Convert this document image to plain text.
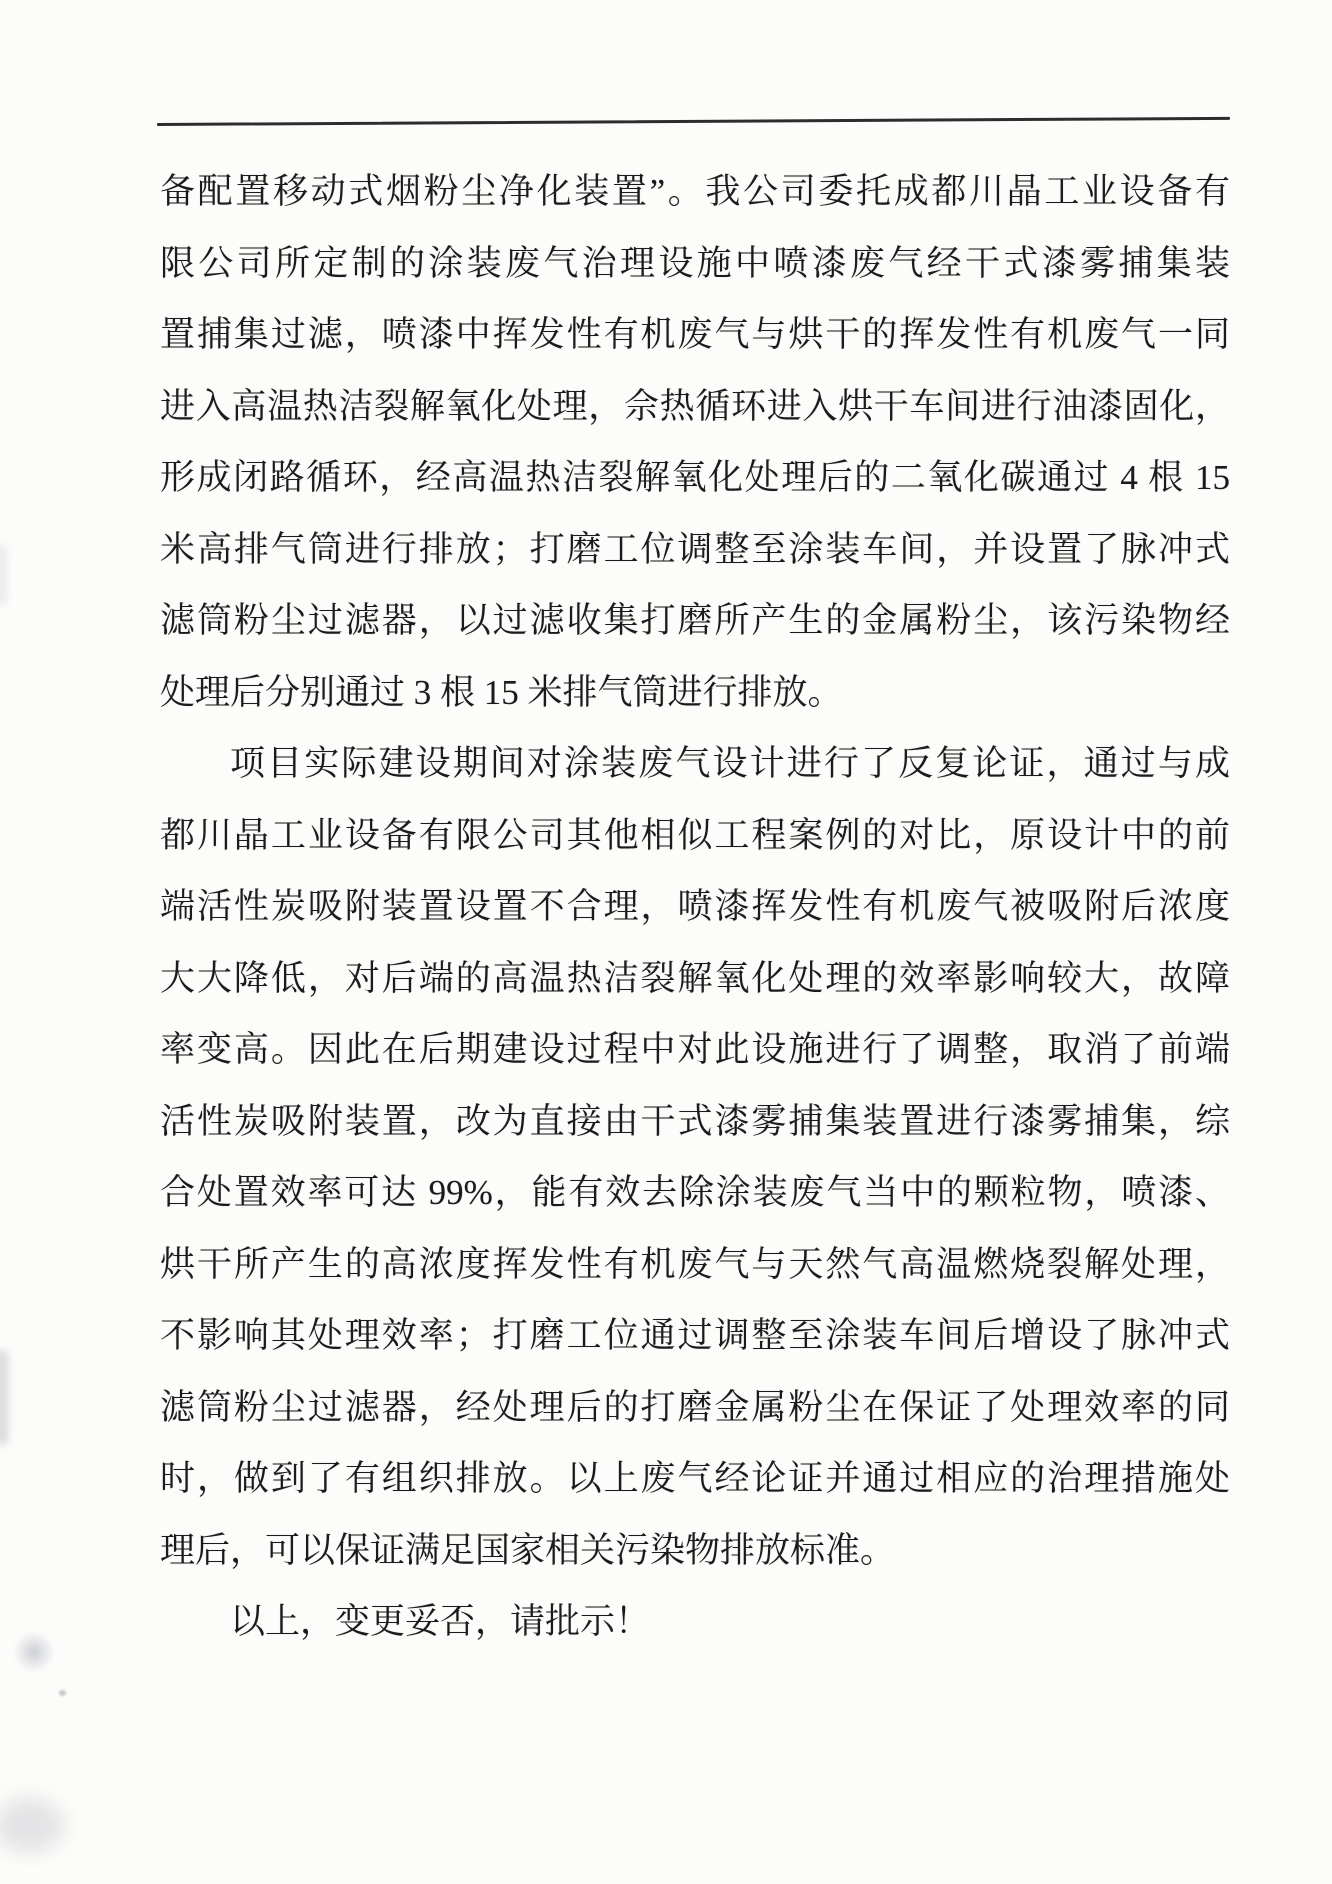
备配置移动式烟粉尘净化装置”。我公司委托成都川晶工业设备有
限公司所定制的涂装废气治理设施中喷漆废气经干式漆雾捕集装
置捕集过滤，喷漆中挥发性有机废气与烘干的挥发性有机废气一同
进入高温热洁裂解氧化处理，佘热循环进入烘干车间进行油漆固化，
形成闭路循环，经高温热洁裂解氧化处理后的二氧化碳通过 4 根 15
米高排气筒进行排放；打磨工位调整至涂装车间，并设置了脉冲式
滤筒粉尘过滤器，以过滤收集打磨所产生的金属粉尘，该污染物经
处理后分别通过 3 根 15 米排气筒进行排放。
项目实际建设期间对涂装废气设计进行了反复论证，通过与成
都川晶工业设备有限公司其他相似工程案例的对比，原设计中的前
端活性炭吸附装置设置不合理，喷漆挥发性有机废气被吸附后浓度
大大降低，对后端的高温热洁裂解氧化处理的效率影响较大，故障
率变高。因此在后期建设过程中对此设施进行了调整，取消了前端
活性炭吸附装置，改为直接由干式漆雾捕集装置进行漆雾捕集，综
合处置效率可达 99%，能有效去除涂装废气当中的颗粒物，喷漆、
烘干所产生的高浓度挥发性有机废气与天然气高温燃烧裂解处理，
不影响其处理效率；打磨工位通过调整至涂装车间后增设了脉冲式
滤筒粉尘过滤器，经处理后的打磨金属粉尘在保证了处理效率的同
时，做到了有组织排放。以上废气经论证并通过相应的治理措施处
理后，可以保证满足国家相关污染物排放标准。
以上，变更妥否，请批示！
